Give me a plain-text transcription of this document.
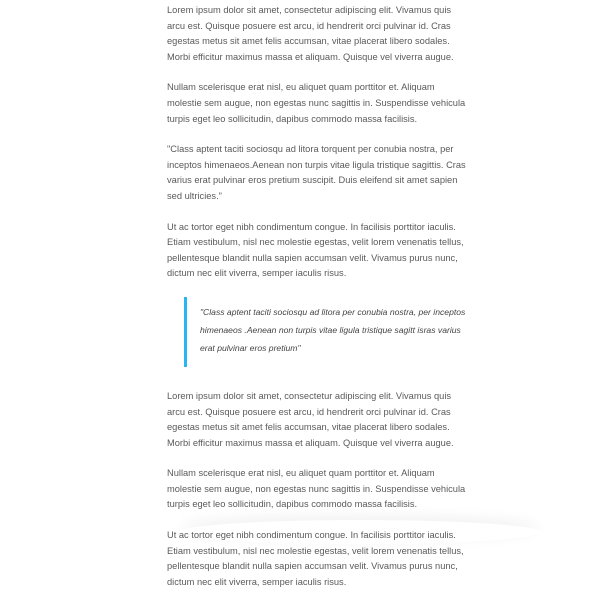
Lorem ipsum dolor sit amet, consectetur adipiscing elit. Vivamus quis arcu est. Quisque posuere est arcu, id hendrerit orci pulvinar id. Cras egestas metus sit amet felis accumsan, vitae placerat libero sodales. Morbi efficitur maximus massa et aliquam. Quisque vel viverra augue.

Nullam scelerisque erat nisl, eu aliquet quam porttitor et. Aliquam molestie sem augue, non egestas nunc sagittis in. Suspendisse vehicula turpis eget leo sollicitudin, dapibus commodo massa facilisis.

"Class aptent taciti sociosqu ad litora torquent per conubia nostra, per inceptos himenaeos.Aenean non turpis vitae ligula tristique sagittis. Cras varius erat pulvinar eros pretium suscipit. Duis eleifend sit amet sapien sed ultricies."

Ut ac tortor eget nibh condimentum congue. In facilisis porttitor iaculis. Etiam vestibulum, nisl nec molestie egestas, velit lorem venenatis tellus, pellentesque blandit nulla sapien accumsan velit. Vivamus purus nunc, dictum nec elit viverra, semper iaculis risus.

"Class aptent taciti sociosqu ad litora per conubia nostra, per inceptos himenaeos .Aenean non turpis vitae ligula tristique sagitt isras varius erat pulvinar eros pretium"

Lorem ipsum dolor sit amet, consectetur adipiscing elit. Vivamus quis arcu est. Quisque posuere est arcu, id hendrerit orci pulvinar id. Cras egestas metus sit amet felis accumsan, vitae placerat libero sodales. Morbi efficitur maximus massa et aliquam. Quisque vel viverra augue.

Nullam scelerisque erat nisl, eu aliquet quam porttitor et. Aliquam molestie sem augue, non egestas nunc sagittis in. Suspendisse vehicula turpis eget leo sollicitudin, dapibus commodo massa facilisis.

Ut ac tortor eget nibh condimentum congue. In facilisis porttitor iaculis. Etiam vestibulum, nisl nec molestie egestas, velit lorem venenatis tellus, pellentesque blandit nulla sapien accumsan velit. Vivamus purus nunc, dictum nec elit viverra, semper iaculis risus.
